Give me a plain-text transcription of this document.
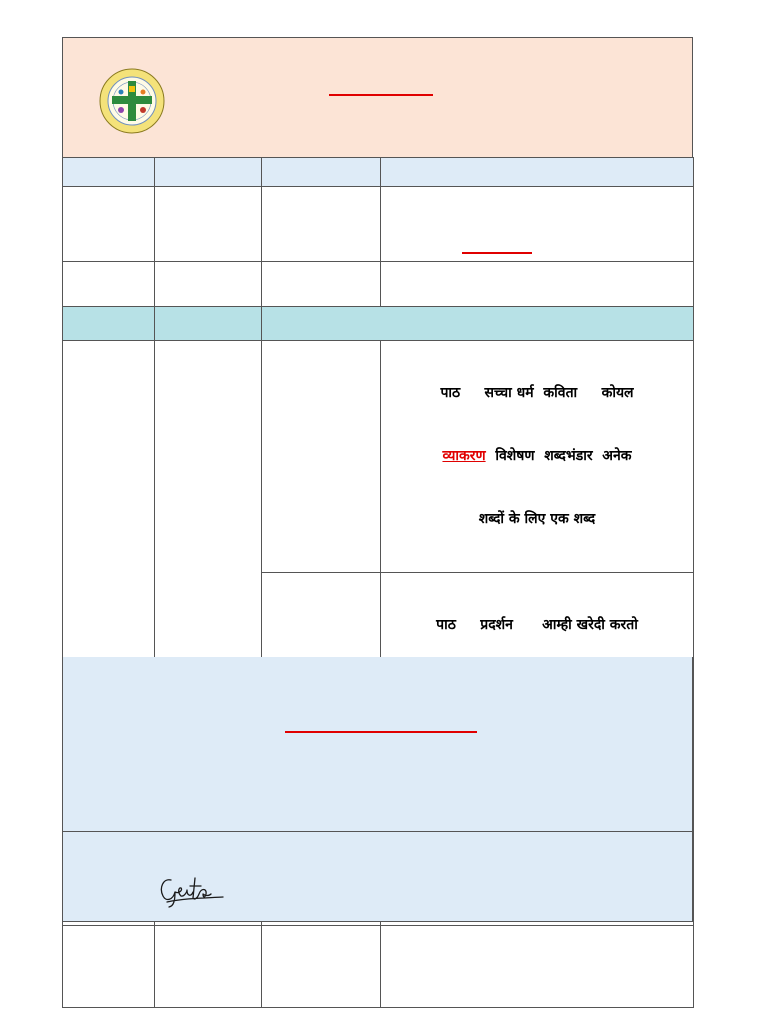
			पाठ सच्चा धर्म कविता कोयल

व्याकरण विशेषण  शब्दभंडार  अनेक

शब्दों के लिए एक शब्द

			पाठ     प्रदर्शन      आम्ही खरेदी करतो
